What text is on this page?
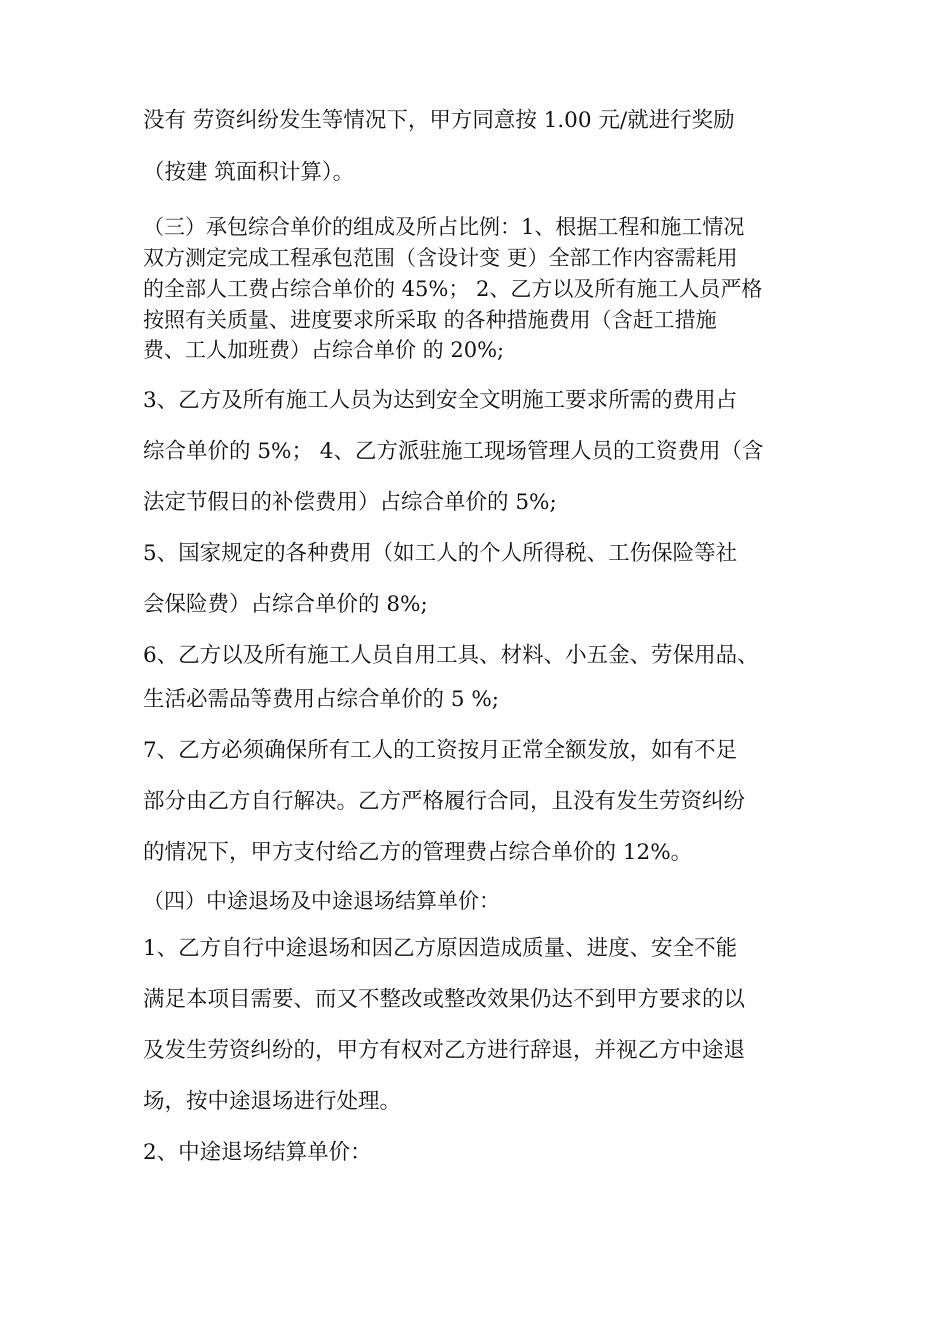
没有 劳资纠纷发生等情况下，甲方同意按 1.00 元/就进行奖励
（按建 筑面积计算）。
（三）承包综合单价的组成及所占比例：1、根据工程和施工情况
双方测定完成工程承包范围（含设计变 更）全部工作内容需耗用
的全部人工费占综合单价的 45%； 2、乙方以及所有施工人员严格
按照有关质量、进度要求所采取 的各种措施费用（含赶工措施
费、工人加班费）占综合单价 的 20%;
3、乙方及所有施工人员为达到安全文明施工要求所需的费用占
综合单价的 5%； 4、乙方派驻施工现场管理人员的工资费用（含
法定节假日的补偿费用）占综合单价的 5%;
5、国家规定的各种费用（如工人的个人所得税、工伤保险等社
会保险费）占综合单价的 8%;
6、乙方以及所有施工人员自用工具、材料、小五金、劳保用品、
生活必需品等费用占综合单价的 5 %;
7、乙方必须确保所有工人的工资按月正常全额发放，如有不足
部分由乙方自行解决。乙方严格履行合同，且没有发生劳资纠纷
的情况下，甲方支付给乙方的管理费占综合单价的 12%。
（四）中途退场及中途退场结算单价：
1、乙方自行中途退场和因乙方原因造成质量、进度、安全不能
满足本项目需要、而又不整改或整改效果仍达不到甲方要求的以
及发生劳资纠纷的，甲方有权对乙方进行辞退，并视乙方中途退
场，按中途退场进行处理。
2、中途退场结算单价：
